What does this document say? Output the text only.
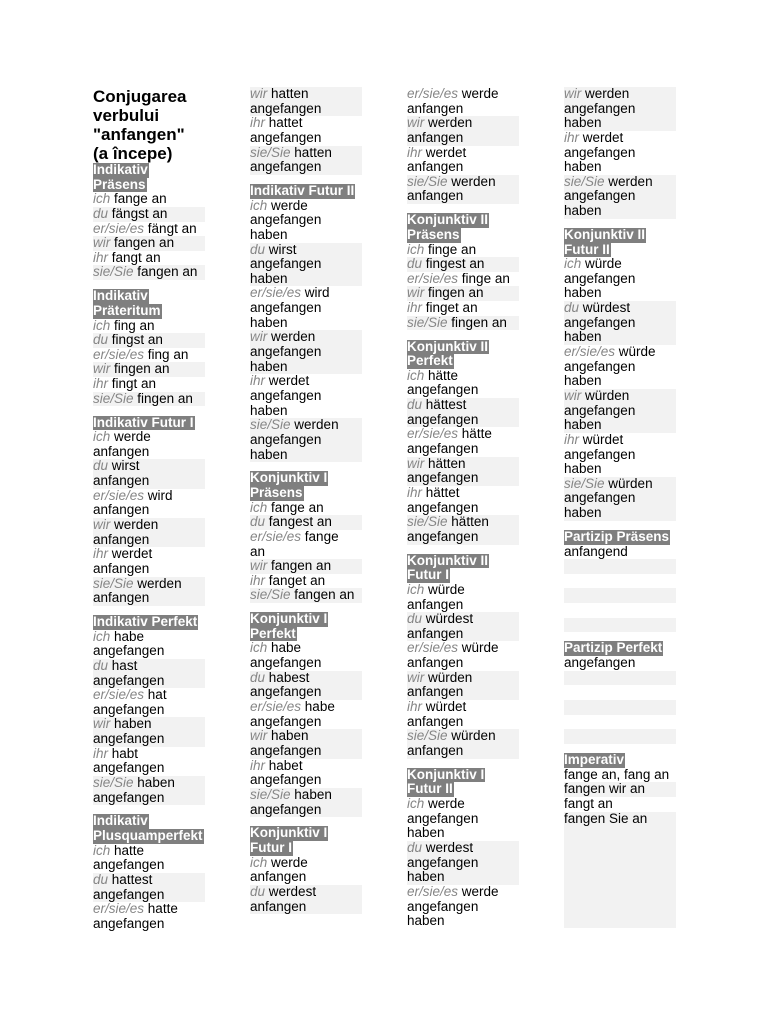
Conjugarea verbului "anfangen" (a începe)
Indikativ
Präsens
ich fange an
du fängst an
er/sie/es fängt an
wir fangen an
ihr fangt an
sie/Sie fangen an
Indikativ
Präteritum
ich fing an
du fingst an
er/sie/es fing an
wir fingen an
ihr fingt an
sie/Sie fingen an
Indikativ Futur I
ich werde
anfangen
du wirst
anfangen
er/sie/es wird
anfangen
wir werden
anfangen
ihr werdet
anfangen
sie/Sie werden
anfangen
Indikativ Perfekt
ich habe
angefangen
du hast
angefangen
er/sie/es hat
angefangen
wir haben
angefangen
ihr habt
angefangen
sie/Sie haben
angefangen
Indikativ
Plusquamperfekt
ich hatte
angefangen
du hattest
angefangen
er/sie/es hatte
angefangen
wir hatten
angefangen
ihr hattet
angefangen
sie/Sie hatten
angefangen
Indikativ Futur II
ich werde
angefangen
haben
du wirst
angefangen
haben
er/sie/es wird
angefangen
haben
wir werden
angefangen
haben
ihr werdet
angefangen
haben
sie/Sie werden
angefangen
haben
Konjunktiv I
Präsens
ich fange an
du fangest an
er/sie/es fange
an
wir fangen an
ihr fanget an
sie/Sie fangen an
Konjunktiv I
Perfekt
ich habe
angefangen
du habest
angefangen
er/sie/es habe
angefangen
wir haben
angefangen
ihr habet
angefangen
sie/Sie haben
angefangen
Konjunktiv I
Futur I
ich werde
anfangen
du werdest
anfangen
er/sie/es werde
anfangen
wir werden
anfangen
ihr werdet
anfangen
sie/Sie werden
anfangen
Konjunktiv II
Präsens
ich finge an
du fingest an
er/sie/es finge an
wir fingen an
ihr finget an
sie/Sie fingen an
Konjunktiv II
Perfekt
ich hätte
angefangen
du hättest
angefangen
er/sie/es hätte
angefangen
wir hätten
angefangen
ihr hättet
angefangen
sie/Sie hätten
angefangen
Konjunktiv II
Futur I
ich würde
anfangen
du würdest
anfangen
er/sie/es würde
anfangen
wir würden
anfangen
ihr würdet
anfangen
sie/Sie würden
anfangen
Konjunktiv I
Futur II
ich werde
angefangen
haben
du werdest
angefangen
haben
er/sie/es werde
angefangen
haben
wir werden
angefangen
haben
ihr werdet
angefangen
haben
sie/Sie werden
angefangen
haben
Konjunktiv II
Futur II
ich würde
angefangen
haben
du würdest
angefangen
haben
er/sie/es würde
angefangen
haben
wir würden
angefangen
haben
ihr würdet
angefangen
haben
sie/Sie würden
angefangen
haben
Partizip Präsens
anfangend
Partizip Perfekt
angefangen
Imperativ
fange an, fang an
fangen wir an
fangt an
fangen Sie an
